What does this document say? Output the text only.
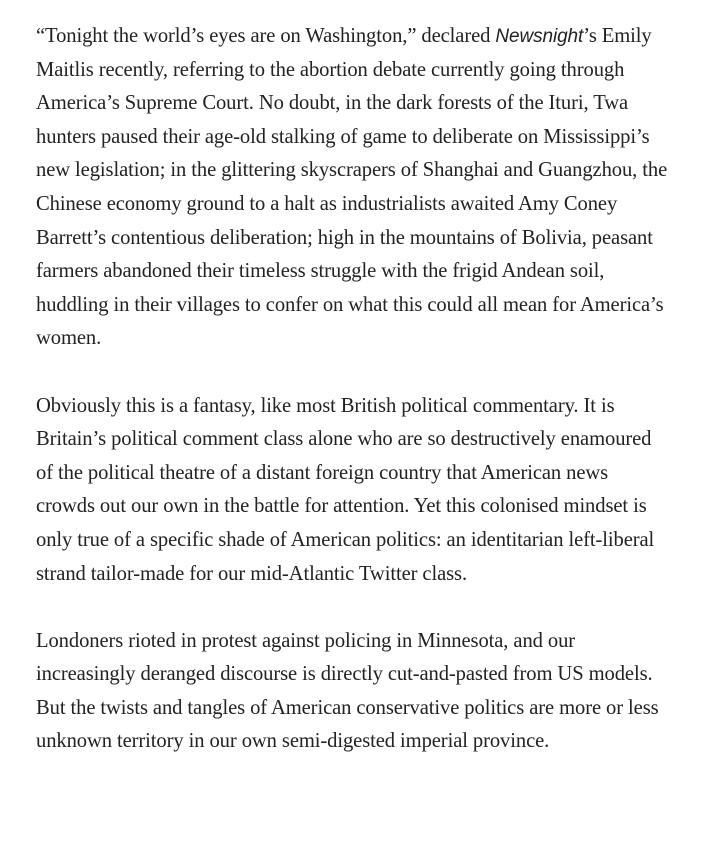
“Tonight the world’s eyes are on Washington,” declared Newsnight’s Emily Maitlis recently, referring to the abortion debate currently going through America’s Supreme Court. No doubt, in the dark forests of the Ituri, Twa hunters paused their age-old stalking of game to deliberate on Mississippi’s new legislation; in the glittering skyscrapers of Shanghai and Guangzhou, the Chinese economy ground to a halt as industrialists awaited Amy Coney Barrett’s contentious deliberation; high in the mountains of Bolivia, peasant farmers abandoned their timeless struggle with the frigid Andean soil, huddling in their villages to confer on what this could all mean for America’s women.

Obviously this is a fantasy, like most British political commentary. It is Britain’s political comment class alone who are so destructively enamoured of the political theatre of a distant foreign country that American news crowds out our own in the battle for attention. Yet this colonised mindset is only true of a specific shade of American politics: an identitarian left-liberal strand tailor-made for our mid-Atlantic Twitter class.

Londoners rioted in protest against policing in Minnesota, and our increasingly deranged discourse is directly cut-and-pasted from US models. But the twists and tangles of American conservative politics are more or less unknown territory in our own semi-digested imperial province.
